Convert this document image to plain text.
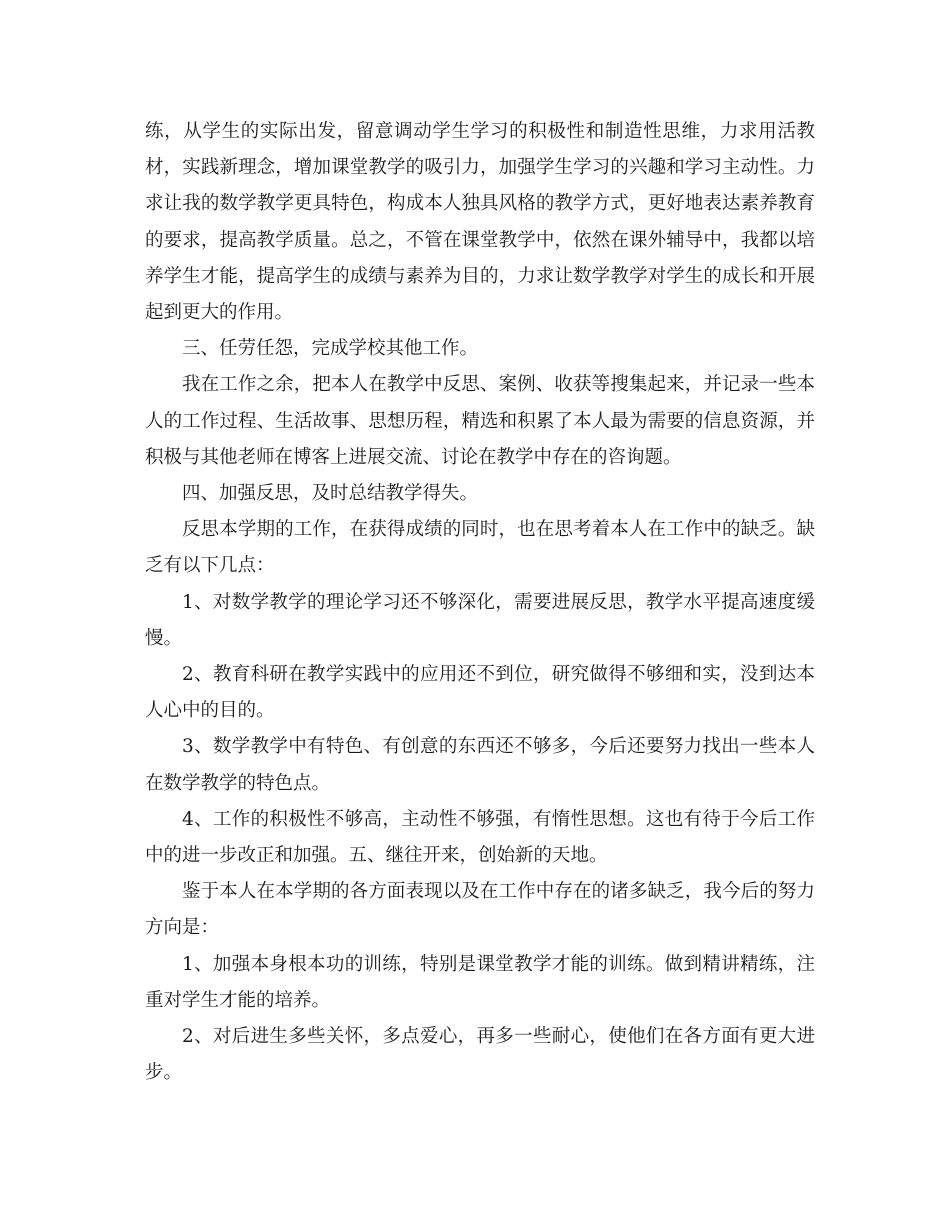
练，从学生的实际出发，留意调动学生学习的积极性和制造性思维，力求用活教材，实践新理念，增加课堂教学的吸引力，加强学生学习的兴趣和学习主动性。力求让我的数学教学更具特色，构成本人独具风格的教学方式，更好地表达素养教育的要求，提高教学质量。总之，不管在课堂教学中，依然在课外辅导中，我都以培养学生才能，提高学生的成绩与素养为目的，力求让数学教学对学生的成长和开展起到更大的作用。

三、任劳任怨，完成学校其他工作。

我在工作之余，把本人在教学中反思、案例、收获等搜集起来，并记录一些本人的工作过程、生活故事、思想历程，精选和积累了本人最为需要的信息资源，并积极与其他老师在博客上进展交流、讨论在教学中存在的咨询题。

四、加强反思，及时总结教学得失。

反思本学期的工作，在获得成绩的同时，也在思考着本人在工作中的缺乏。缺乏有以下几点：

1、对数学教学的理论学习还不够深化，需要进展反思，教学水平提高速度缓慢。

2、教育科研在教学实践中的应用还不到位，研究做得不够细和实，没到达本人心中的目的。

3、数学教学中有特色、有创意的东西还不够多，今后还要努力找出一些本人在数学教学的特色点。

4、工作的积极性不够高，主动性不够强，有惰性思想。这也有待于今后工作中的进一步改正和加强。五、继往开来，创始新的天地。

鉴于本人在本学期的各方面表现以及在工作中存在的诸多缺乏，我今后的努力方向是：

1、加强本身根本功的训练，特别是课堂教学才能的训练。做到精讲精练，注重对学生才能的培养。

2、对后进生多些关怀，多点爱心，再多一些耐心，使他们在各方面有更大进步。
